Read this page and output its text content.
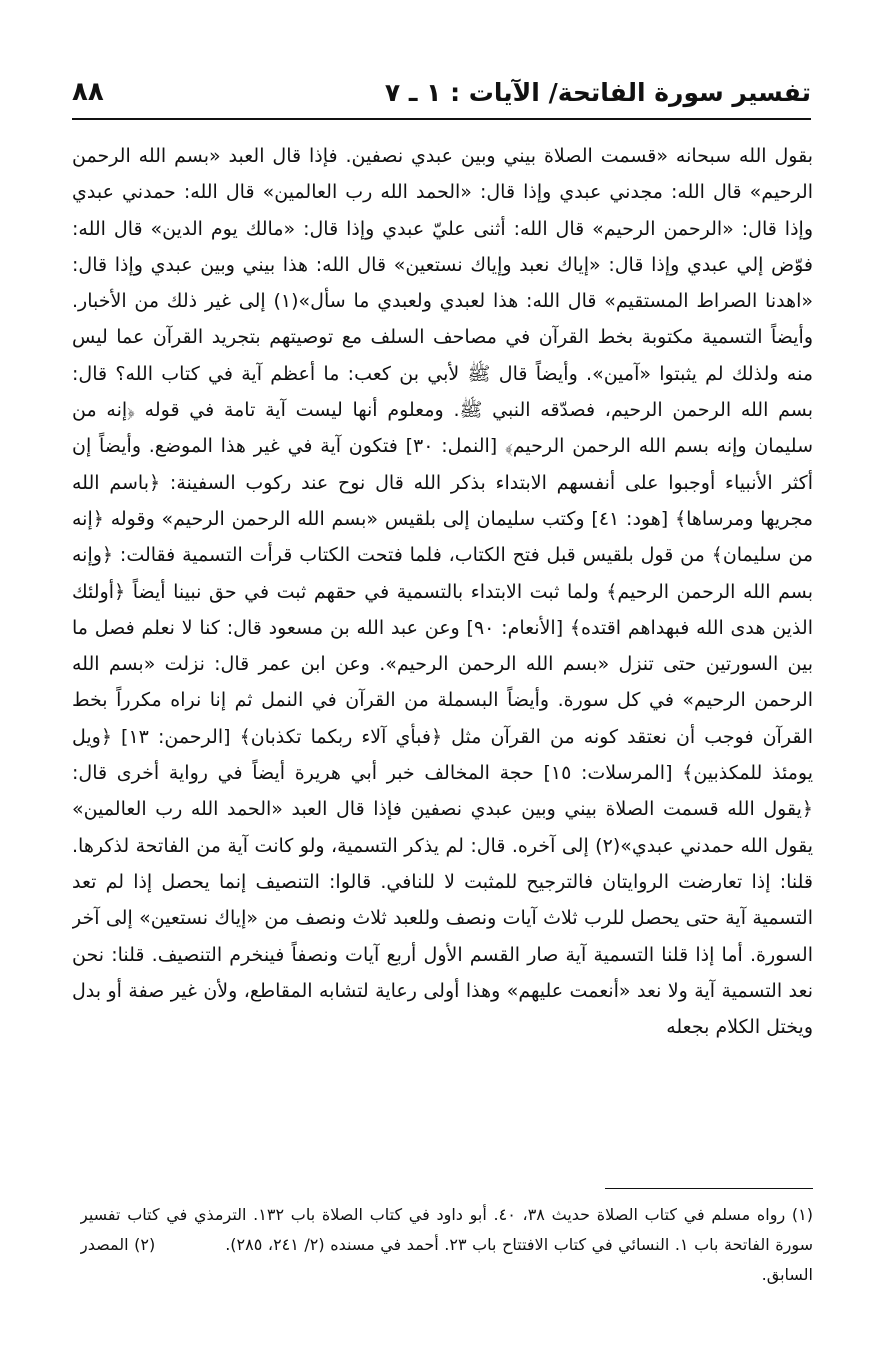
تفسير سورة الفاتحة/ الآيات : ١ ـ ٧
٨٨

بقول الله سبحانه «قسمت الصلاة بيني وبين عبدي نصفين. فإذا قال العبد «بسم الله الرحمن الرحيم» قال الله: مجدني عبدي وإذا قال: «الحمد الله رب العالمين» قال الله: حمدني عبدي وإذا قال: «الرحمن الرحيم» قال الله: أثنى عليّ عبدي وإذا قال: «مالك يوم الدين» قال الله: فوّض إلي عبدي وإذا قال: «إياك نعبد وإياك نستعين» قال الله: هذا بيني وبين عبدي وإذا قال: «اهدنا الصراط المستقيم» قال الله: هذا لعبدي ولعبدي ما سأل»(١) إلى غير ذلك من الأخبار. وأيضاً التسمية مكتوبة بخط القرآن في مصاحف السلف مع توصيتهم بتجريد القرآن عما ليس منه ولذلك لم يثبتوا «آمين». وأيضاً قال ﷺ لأبي بن كعب: ما أعظم آية في كتاب الله؟ قال: بسم الله الرحمن الرحيم، فصدّقه النبي ﷺ. ومعلوم أنها ليست آية تامة في قوله ﴿إنه من سليمان وإنه بسم الله الرحمن الرحيم﴾ [النمل: ٣٠] فتكون آية في غير هذا الموضع. وأيضاً إن أكثر الأنبياء أوجبوا على أنفسهم الابتداء بذكر الله قال نوح عند ركوب السفينة: ﴿باسم الله مجريها ومرساها﴾ [هود: ٤١] وكتب سليمان إلى بلقيس «بسم الله الرحمن الرحيم» وقوله ﴿إنه من سليمان﴾ من قول بلقيس قبل فتح الكتاب، فلما فتحت الكتاب قرأت التسمية فقالت: ﴿وإنه بسم الله الرحمن الرحيم﴾ ولما ثبت الابتداء بالتسمية في حقهم ثبت في حق نبينا أيضاً ﴿أولئك الذين هدى الله فبهداهم اقتده﴾ [الأنعام: ٩٠] وعن عبد الله بن مسعود قال: كنا لا نعلم فصل ما بين السورتين حتى تنزل «بسم الله الرحمن الرحيم». وعن ابن عمر قال: نزلت «بسم الله الرحمن الرحيم» في كل سورة. وأيضاً البسملة من القرآن في النمل ثم إنا نراه مكرراً بخط القرآن فوجب أن نعتقد كونه من القرآن مثل ﴿فبأي آلاء ربكما تكذبان﴾ [الرحمن: ١٣] ﴿ويل يومئذ للمكذبين﴾ [المرسلات: ١٥] حجة المخالف خبر أبي هريرة أيضاً في رواية أخرى قال: ﴿يقول الله قسمت الصلاة بيني وبين عبدي نصفين فإذا قال العبد «الحمد الله رب العالمين» يقول الله حمدني عبدي»(٢) إلى آخره. قال: لم يذكر التسمية، ولو كانت آية من الفاتحة لذكرها. قلنا: إذا تعارضت الروايتان فالترجيح للمثبت لا للنافي. قالوا: التنصيف إنما يحصل إذا لم تعد التسمية آية حتى يحصل للرب ثلاث آيات ونصف وللعبد ثلاث ونصف من «إياك نستعين» إلى آخر السورة. أما إذا قلنا التسمية آية صار القسم الأول أربع آيات ونصفاً فينخرم التنصيف. قلنا: نحن نعد التسمية آية ولا نعد «أنعمت عليهم» وهذا أولى رعاية لتشابه المقاطع، ولأن غير صفة أو بدل ويختل الكلام بجعله

(١) رواه مسلم في كتاب الصلاة حديث ٣٨، ٤٠. أبو داود في كتاب الصلاة باب ١٣٢. الترمذي في كتاب تفسير سورة الفاتحة باب ١. النسائي في كتاب الافتتاح باب ٢٣. أحمد في مسنده (٢/ ٢٤١، ٢٨٥).(٢) المصدر السابق.
